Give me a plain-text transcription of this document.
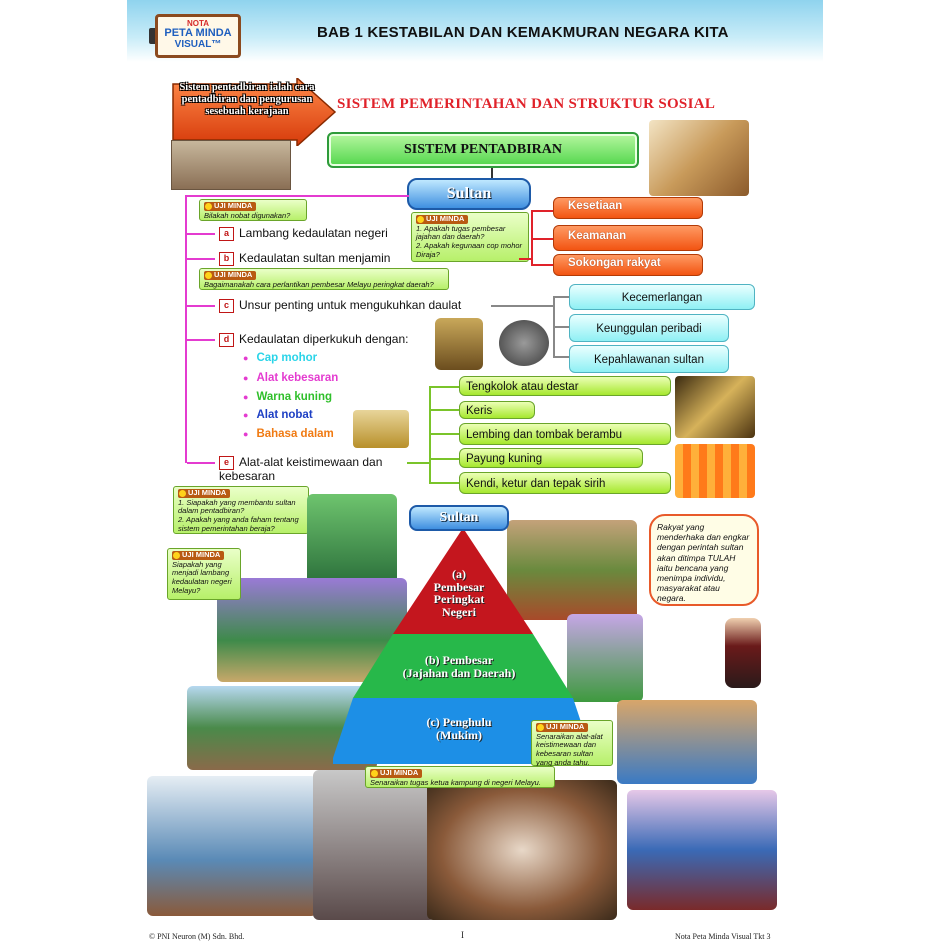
NOTA
PETA MINDA
VISUAL™
BAB 1 KESTABILAN DAN KEMAKMURAN NEGARA KITA
Sistem pentadbiran ialah cara pentadbiran dan pengurusan sesebuah kerajaan	SISTEM PEMERINTAHAN DAN STRUKTUR SOSIAL
SISTEM PENTADBIRAN
Sultan
UJI MINDA
Bilakah nobat digunakan?
a Lambang kedaulatan negeri
b Kedaulatan sultan menjamin
UJI MINDA
1. Apakah tugas pembesar jajahan dan daerah?
2. Apakah kegunaan cop mohor Diraja?
Kesetiaan
Keamanan
Sokongan rakyat
UJI MINDA
Bagaimanakah cara perlantikan pembesar Melayu peringkat daerah?
c Unsur penting untuk mengukuhkan daulat	Kecemerlangan
Keunggulan peribadi
Kepahlawanan sultan
d Kedaulatan diperkukuh dengan:
● Cap mohor
● Alat kebesaran
● Warna kuning
● Alat nobat
● Bahasa dalam
e Alat-alat keistimewaan dan kebesaran
Tengkolok atau destar
Keris
Lembing dan tombak berambu
Payung kuning
Kendi, ketur dan tepak sirih
UJI MINDA
1. Siapakah yang membantu sultan dalam pentadbiran?
2. Apakah yang anda faham tentang sistem pemerintahan beraja?
Sultan
(a)
Pembesar
Peringkat
Negeri
(b) Pembesar
(Jajahan dan Daerah)
(c) Penghulu
(Mukim)
UJI MINDA
Siapakah yang menjadi lambang kedaulatan negeri Melayu?
Rakyat yang menderhaka dan engkar dengan perintah sultan akan ditimpa TULAH iaitu bencana yang menimpa individu, masyarakat atau negara.
UJI MINDA
Senaraikan alat-alat keistimewaan dan kebesaran sultan yang anda tahu.
UJI MINDA
Senaraikan tugas ketua kampung di negeri Melayu.
© PNI Neuron (M) Sdn. Bhd.	I	Nota Peta Minda Visual Tkt 3
